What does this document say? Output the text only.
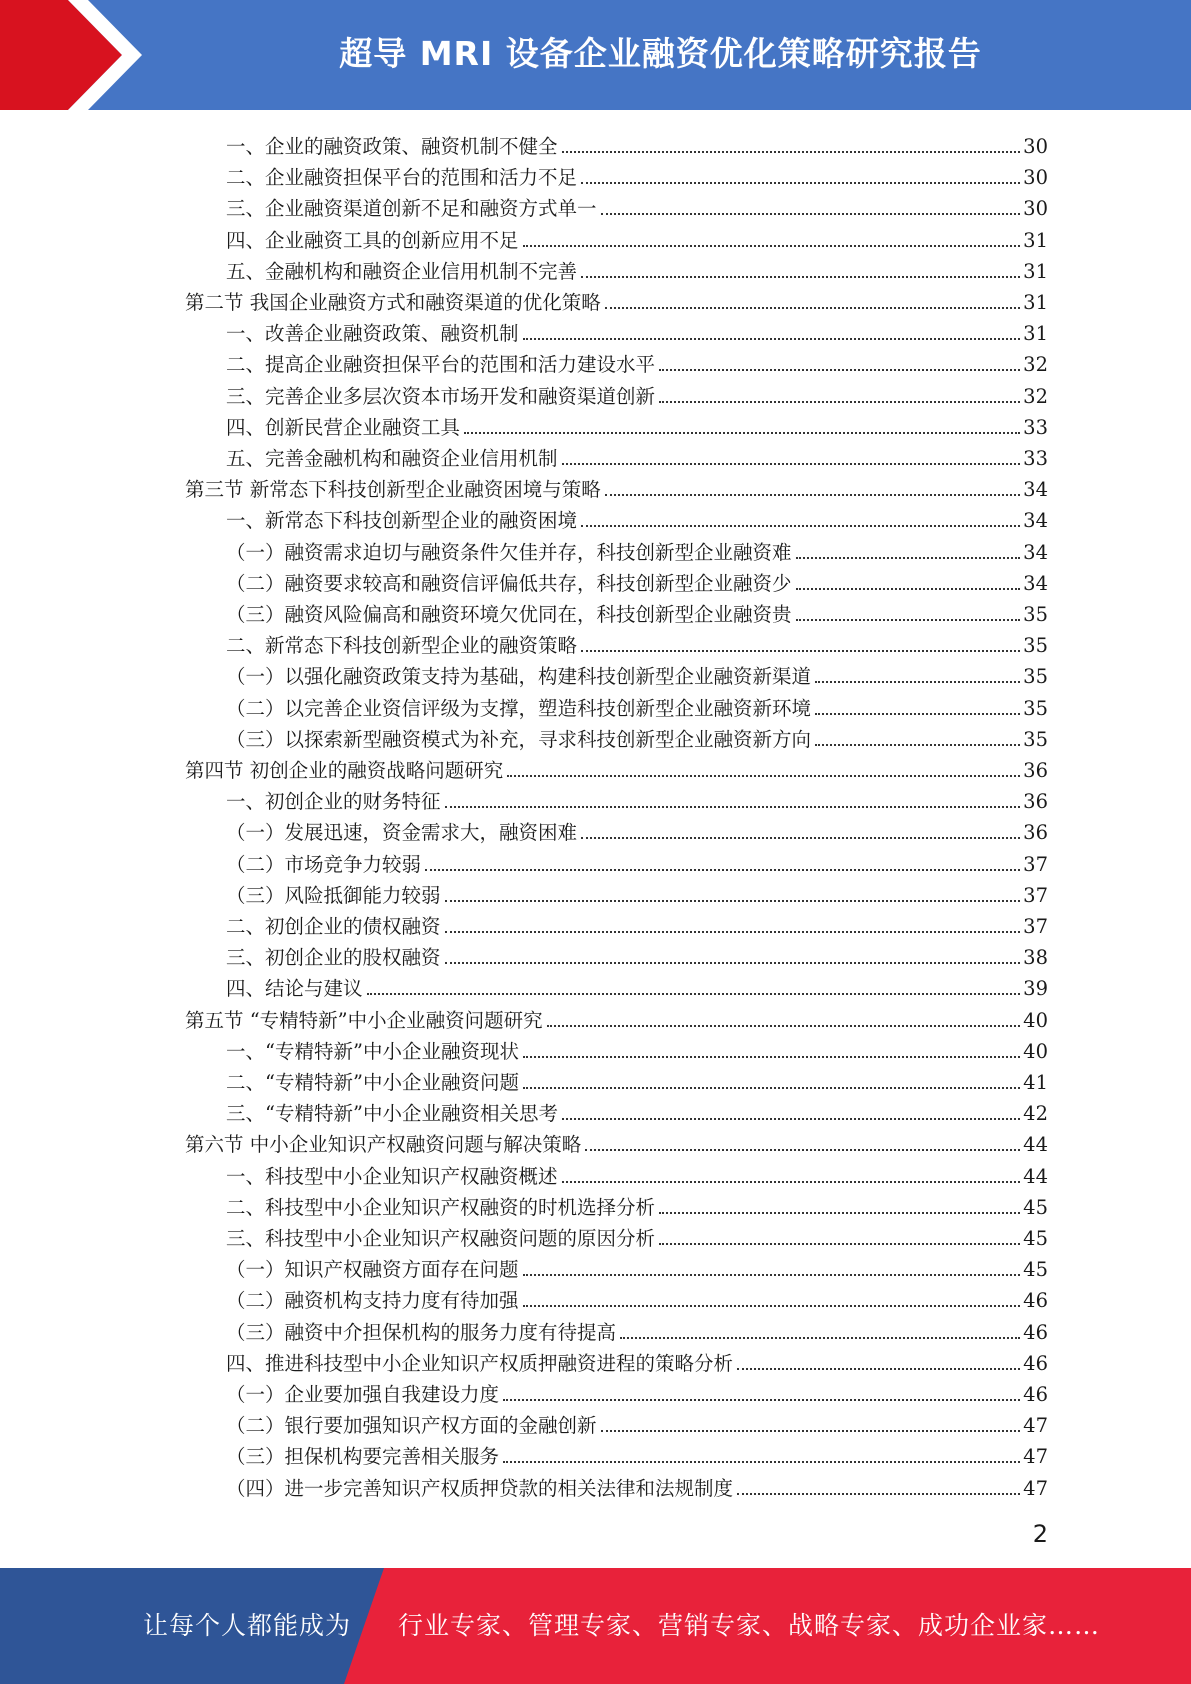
超导 MRI 设备企业融资优化策略研究报告
一、企业的融资政策、融资机制不健全	30
二、企业融资担保平台的范围和活力不足	30
三、企业融资渠道创新不足和融资方式单一	30
四、企业融资工具的创新应用不足	31
五、金融机构和融资企业信用机制不完善	31
第二节 我国企业融资方式和融资渠道的优化策略	31
一、改善企业融资政策、融资机制	31
二、提高企业融资担保平台的范围和活力建设水平	32
三、完善企业多层次资本市场开发和融资渠道创新	32
四、创新民营企业融资工具	33
五、完善金融机构和融资企业信用机制	33
第三节 新常态下科技创新型企业融资困境与策略	34
一、新常态下科技创新型企业的融资困境	34
（一）融资需求迫切与融资条件欠佳并存，科技创新型企业融资难	34
（二）融资要求较高和融资信评偏低共存，科技创新型企业融资少	34
（三）融资风险偏高和融资环境欠优同在，科技创新型企业融资贵	35
二、新常态下科技创新型企业的融资策略	35
（一）以强化融资政策支持为基础，构建科技创新型企业融资新渠道	35
（二）以完善企业资信评级为支撑，塑造科技创新型企业融资新环境	35
（三）以探索新型融资模式为补充，寻求科技创新型企业融资新方向	35
第四节 初创企业的融资战略问题研究	36
一、初创企业的财务特征	36
（一）发展迅速，资金需求大，融资困难	36
（二）市场竞争力较弱	37
（三）风险抵御能力较弱	37
二、初创企业的债权融资	37
三、初创企业的股权融资	38
四、结论与建议	39
第五节 “专精特新”中小企业融资问题研究	40
一、“专精特新”中小企业融资现状	40
二、“专精特新”中小企业融资问题	41
三、“专精特新”中小企业融资相关思考	42
第六节 中小企业知识产权融资问题与解决策略	44
一、科技型中小企业知识产权融资概述	44
二、科技型中小企业知识产权融资的时机选择分析	45
三、科技型中小企业知识产权融资问题的原因分析	45
（一）知识产权融资方面存在问题	45
（二）融资机构支持力度有待加强	46
（三）融资中介担保机构的服务力度有待提高	46
四、推进科技型中小企业知识产权质押融资进程的策略分析	46
（一）企业要加强自我建设力度	46
（二）银行要加强知识产权方面的金融创新	47
（三）担保机构要完善相关服务	47
（四）进一步完善知识产权质押贷款的相关法律和法规制度	47
2
让每个人都能成为 行业专家、管理专家、营销专家、战略专家、成功企业家……
